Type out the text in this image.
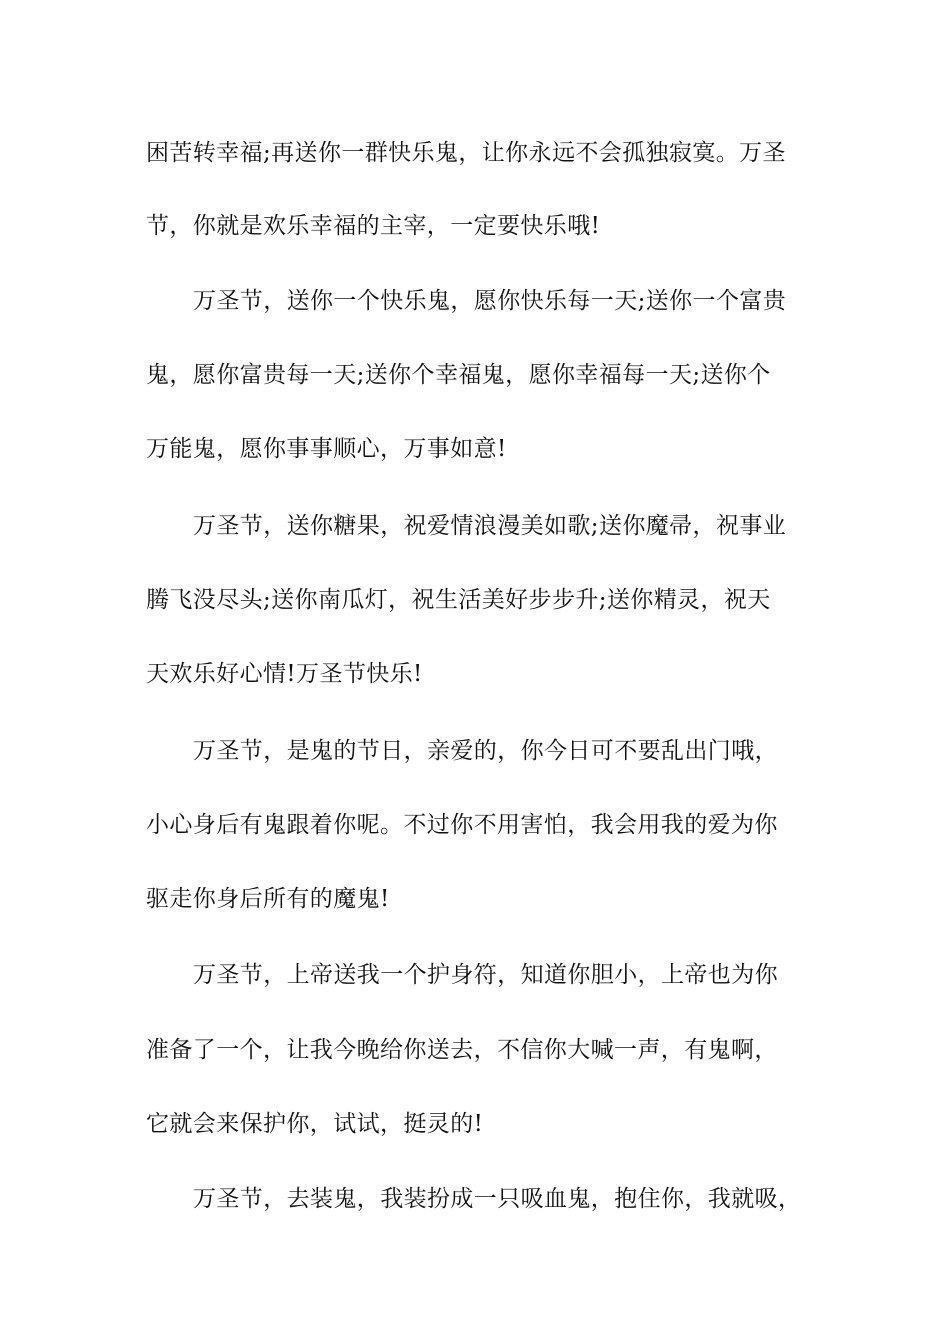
困苦转幸福;再送你一群快乐鬼，让你永远不会孤独寂寞。万圣
节，你就是欢乐幸福的主宰，一定要快乐哦!
万圣节，送你一个快乐鬼，愿你快乐每一天;送你一个富贵
鬼，愿你富贵每一天;送你个幸福鬼，愿你幸福每一天;送你个
万能鬼，愿你事事顺心，万事如意!
万圣节，送你糖果，祝爱情浪漫美如歌;送你魔帚，祝事业
腾飞没尽头;送你南瓜灯，祝生活美好步步升;送你精灵，祝天
天欢乐好心情!万圣节快乐!
万圣节，是鬼的节日，亲爱的，你今日可不要乱出门哦，
小心身后有鬼跟着你呢。不过你不用害怕，我会用我的爱为你
驱走你身后所有的魔鬼!
万圣节，上帝送我一个护身符，知道你胆小，上帝也为你
准备了一个，让我今晚给你送去，不信你大喊一声，有鬼啊，
它就会来保护你，试试，挺灵的!
万圣节，去装鬼，我装扮成一只吸血鬼，抱住你，我就吸，
